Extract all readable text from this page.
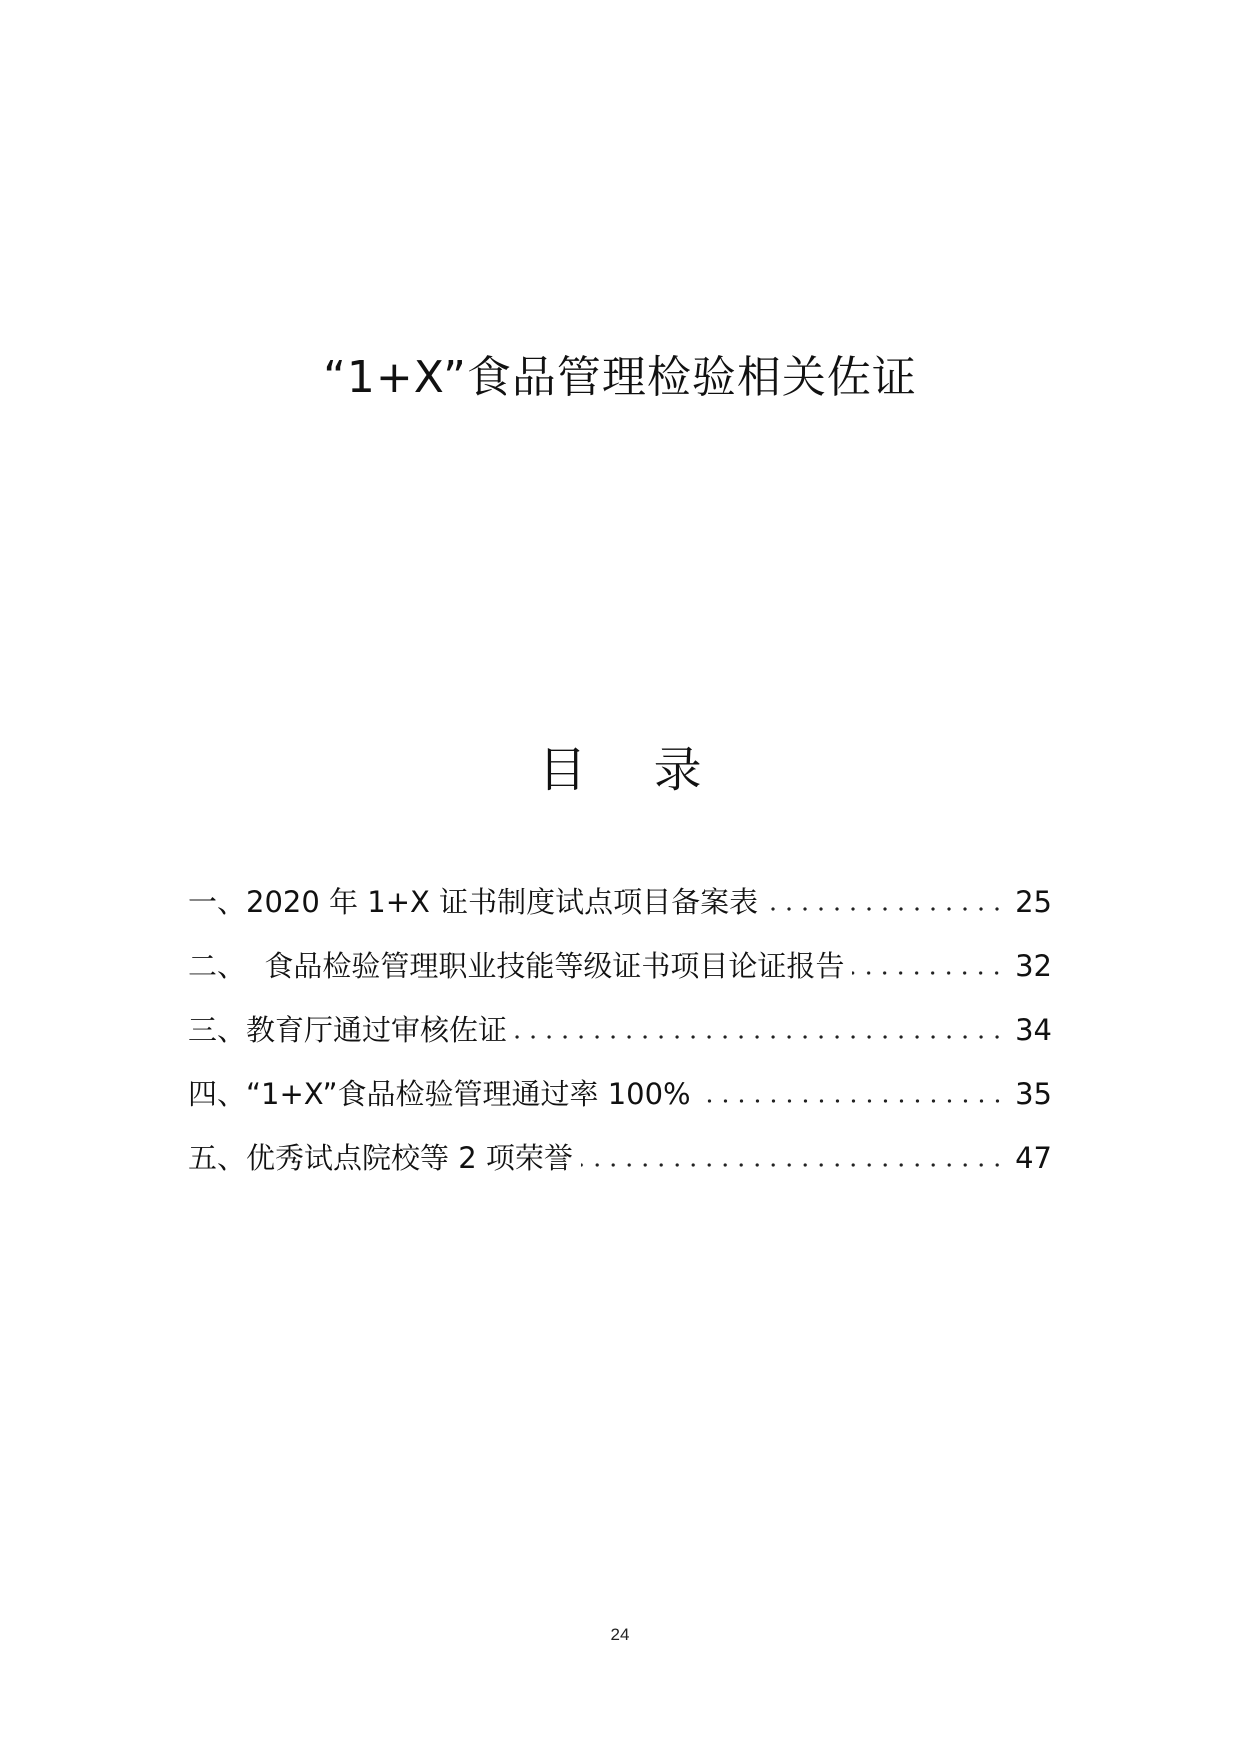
“1+X”食品管理检验相关佐证
目 录
一、2020 年 1+X 证书制度试点项目备案表	25
二、  食品检验管理职业技能等级证书项目论证报告	32
三、教育厅通过审核佐证	34
四、“1+X”食品检验管理通过率 100%	35
五、优秀试点院校等 2 项荣誉	47
24
